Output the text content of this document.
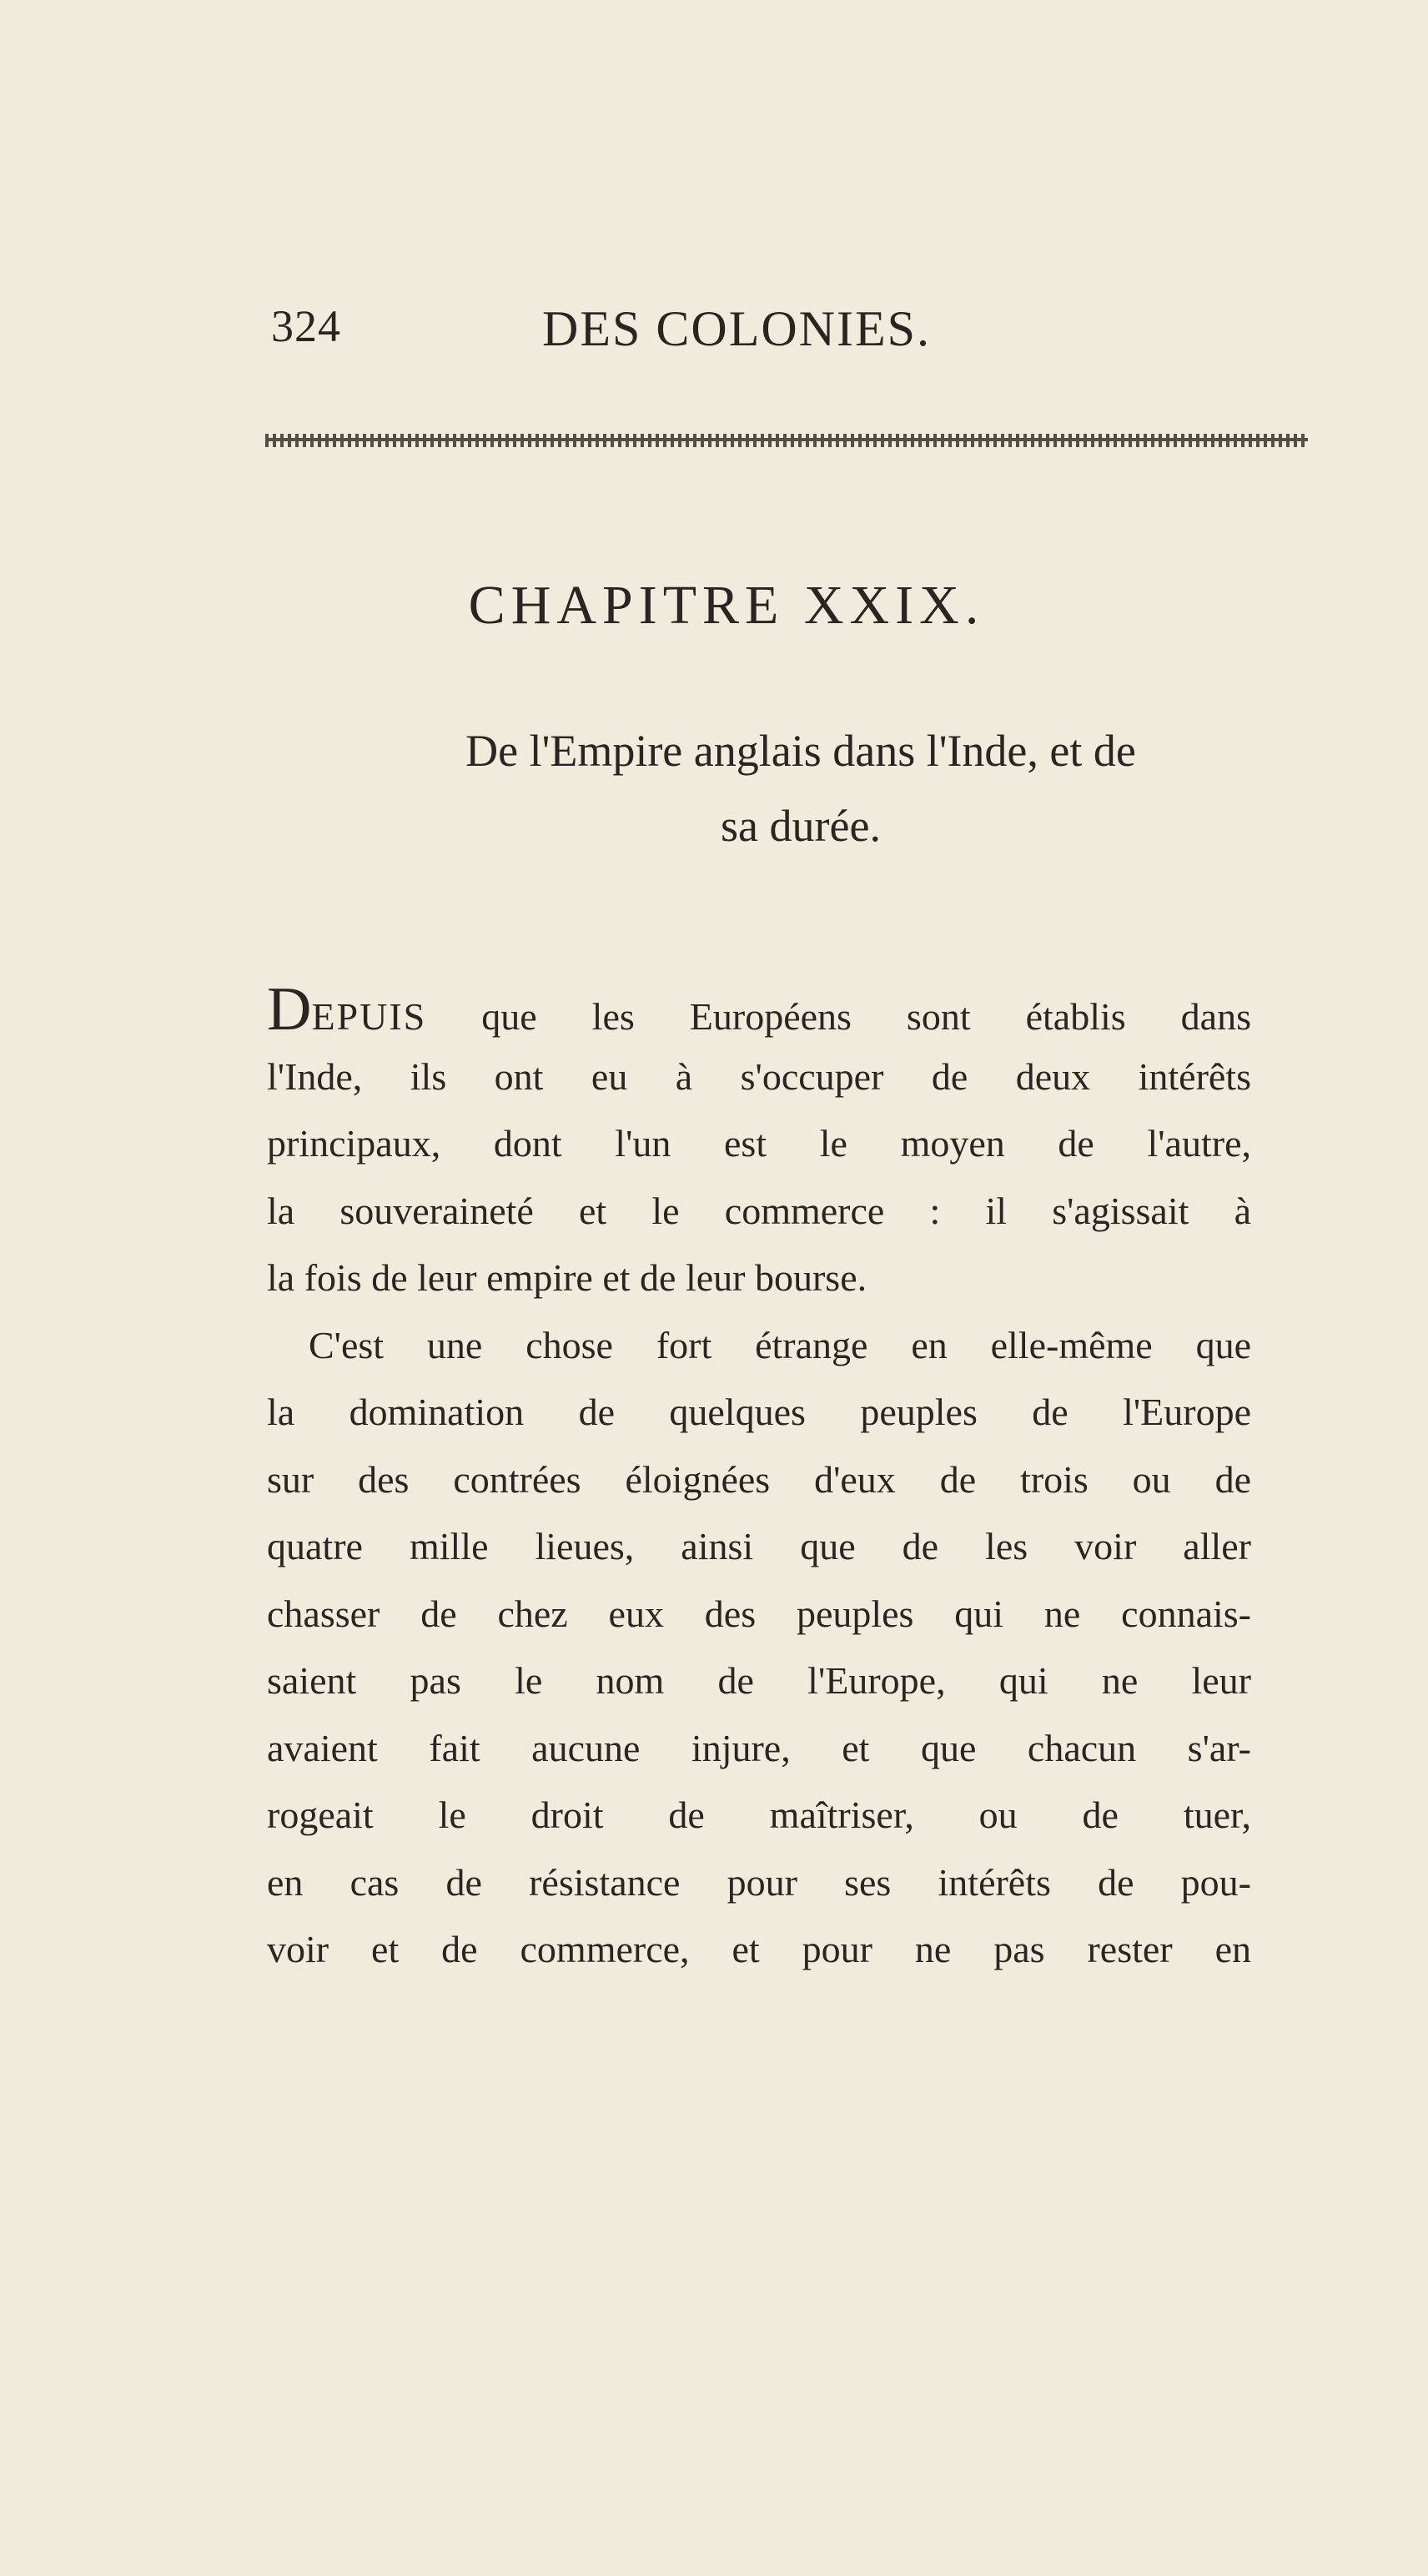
324	DES COLONIES.
CHAPITRE XXIX.
De l'Empire anglais dans l'Inde, et de
sa durée.
DEPUIS que les Européens sont établis dans
l'Inde, ils ont eu à s'occuper de deux intérêts
principaux, dont l'un est le moyen de l'autre,
la souveraineté et le commerce : il s'agissait à
la fois de leur empire et de leur bourse.
C'est une chose fort étrange en elle-même que
la domination de quelques peuples de l'Europe
sur des contrées éloignées d'eux de trois ou de
quatre mille lieues, ainsi que de les voir aller
chasser de chez eux des peuples qui ne connais-
saient pas le nom de l'Europe, qui ne leur
avaient fait aucune injure, et que chacun s'ar-
rogeait le droit de maîtriser, ou de tuer,
en cas de résistance pour ses intérêts de pou-
voir et de commerce, et pour ne pas rester en
